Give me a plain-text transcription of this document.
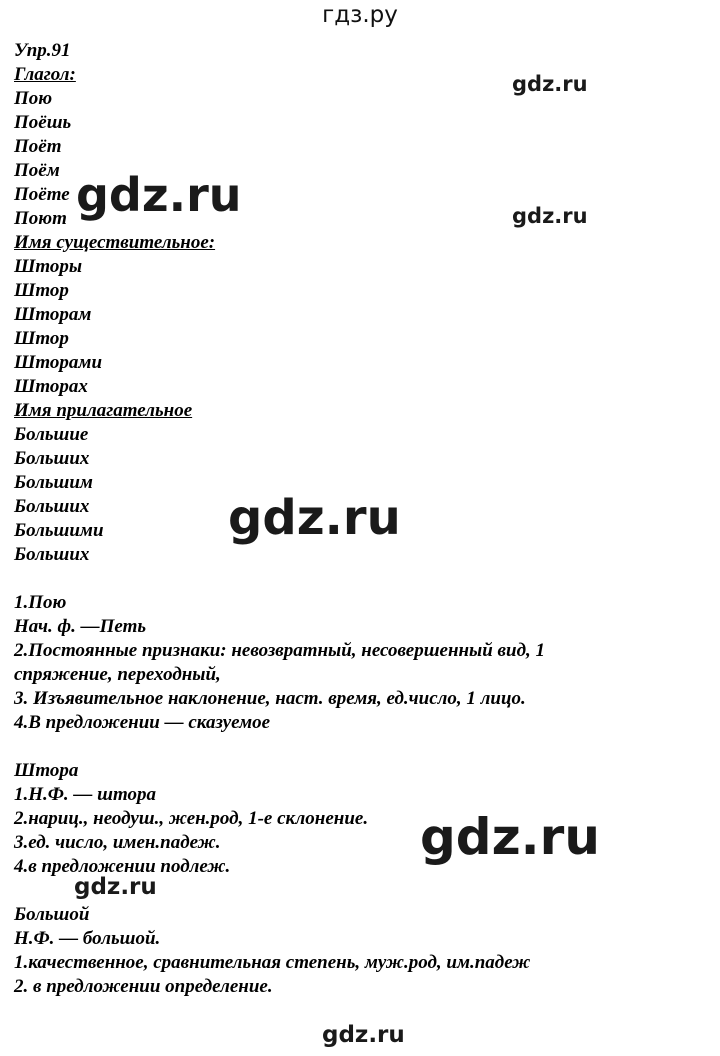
гдз.ру
Упр.91
Глагол:
Пою
Поёшь
Поёт
Поём
Поёте
Поют
Имя существительное:
Шторы
Штор
Шторам
Штор
Шторами
Шторах
Имя прилагательное
Большие
Больших
Большим
Больших
Большими
Больших
1.Пою
Нач. ф. —Петь
2.Постоянные признаки: невозвратный, несовершенный вид, 1
спряжение, переходный,
3. Изъявительное наклонение, наст. время, ед.число, 1 лицо.
4.В предложении — сказуемое
Штора
1.Н.Ф. — штора
2.нариц., неодуш., жен.род, 1-е склонение.
3.ед. число, имен.падеж.
4.в предложении подлеж.
Большой
Н.Ф. — большой.
1.качественное, сравнительная степень, муж.род, им.падеж
2. в предложении определение.
gdz.ru
gdz.ru	gdz.ru
gdz.ru
gdz.ru
gdz.ru
gdz.ru
